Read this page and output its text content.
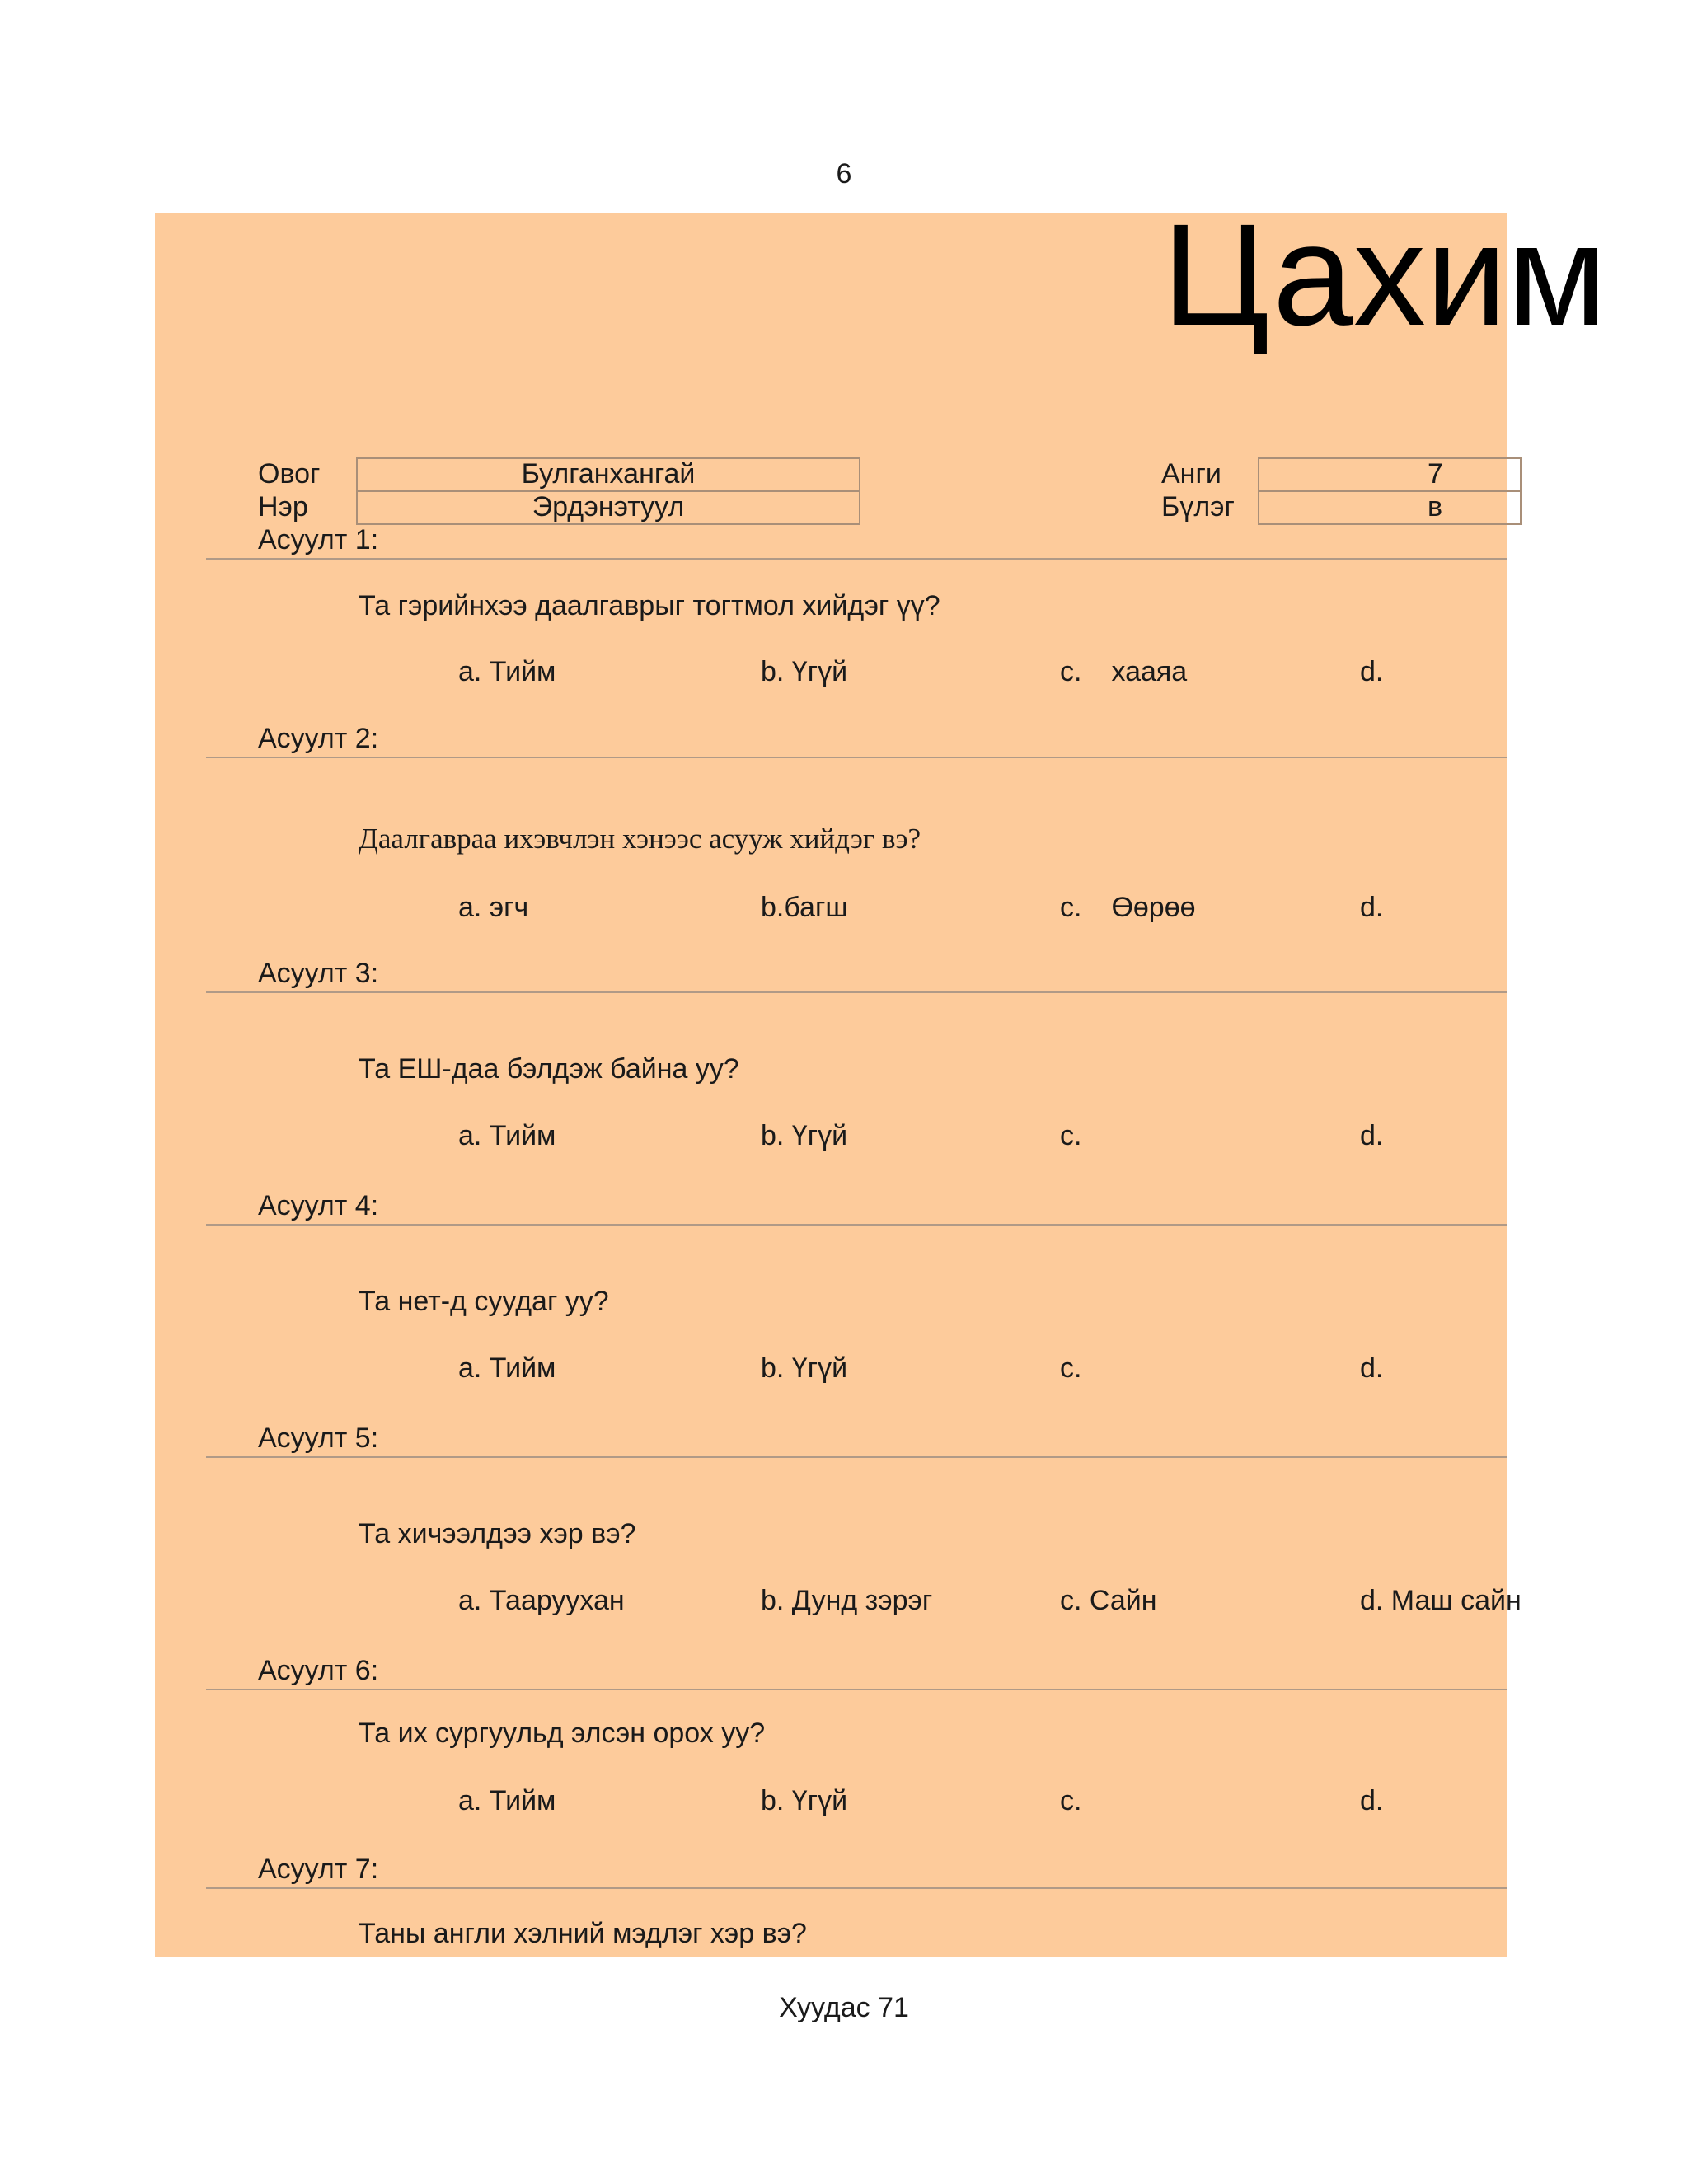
6
Цахим
Овог	Булганхангай
Нэр	Эрдэнэтуул
Анги	7
Бүлэг	в
Асуулт 1:
Та гэрийнхээ даалгаврыг тогтмол хийдэг үү?
a. Тийм	b. Үгүй	c. хааяа	d.
Асуулт 2:
Даалгавраа ихэвчлэн хэнээс асууж хийдэг вэ?
a. эгч	b.багш	c. Өөрөө	d.
Асуулт 3:
Та ЕШ-даа бэлдэж байна уу?
a. Тийм	b. Үгүй	c.	d.
Асуулт 4:
Та нет-д суудаг уу?
a. Тийм	b. Үгүй	c.	d.
Асуулт 5:
Та хичээлдээ хэр вэ?
a. Тааруухан	b. Дунд зэрэг	c. Сайн	d. Маш сайн
Асуулт 6:
Та их сургуульд элсэн орох уу?
a. Тийм	b. Үгүй	c.	d.
Асуулт 7:
Таны англи хэлний мэдлэг хэр вэ?
Хуудас 71
